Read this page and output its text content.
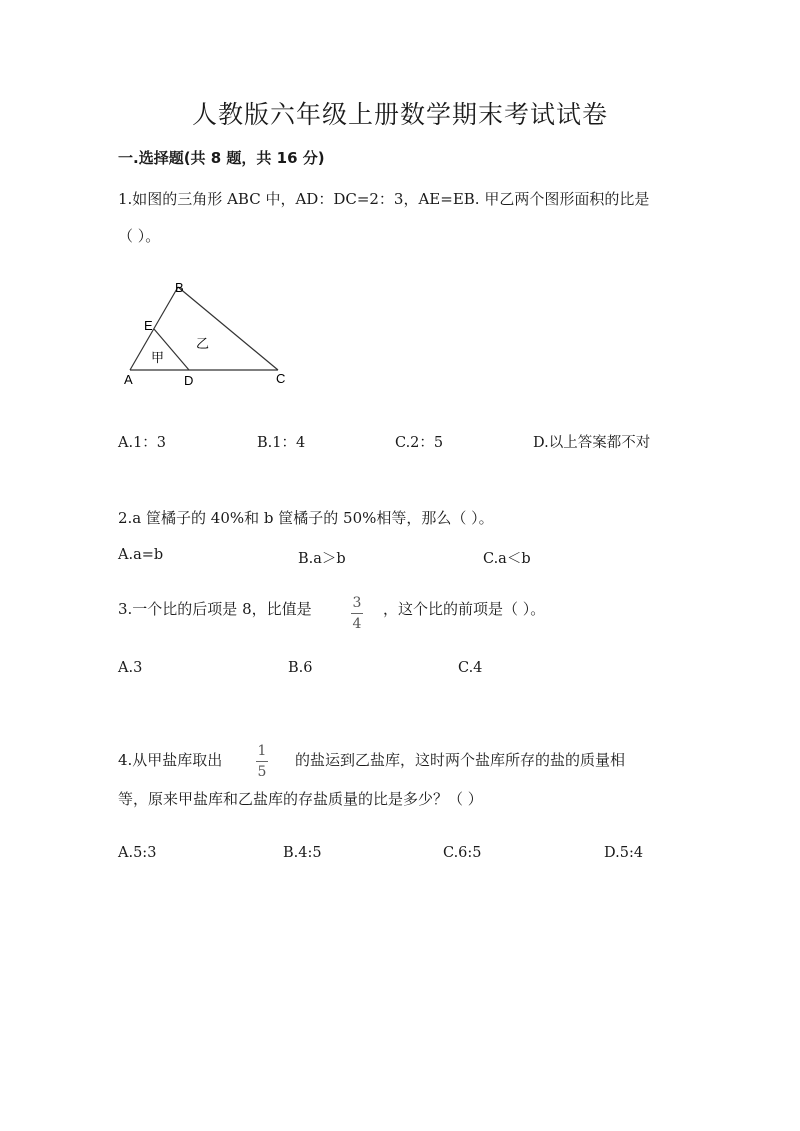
人教版六年级上册数学期末考试试卷
一.选择题(共 8 题，共 16 分)
1.如图的三角形 ABC 中，AD：DC=2：3，AE=EB. 甲乙两个图形面积的比是
（ ）。
B
E
A	D	C
甲
乙
A.1：3	B.1：4	C.2：5	D.以上答案都不对
2.a 筐橘子的 40%和 b 筐橘子的 50%相等，那么（ ）。
A.a=b	B.a＞b	C.a＜b
3.一个比的后项是 8，比值是	3
4
，这个比的前项是（ ）。
A.3	B.6	C.4
4.从甲盐库取出	1
5
的盐运到乙盐库，这时两个盐库所存的盐的质量相
等，原来甲盐库和乙盐库的存盐质量的比是多少？（ ）
A.5:3	B.4:5	C.6:5	D.5:4
